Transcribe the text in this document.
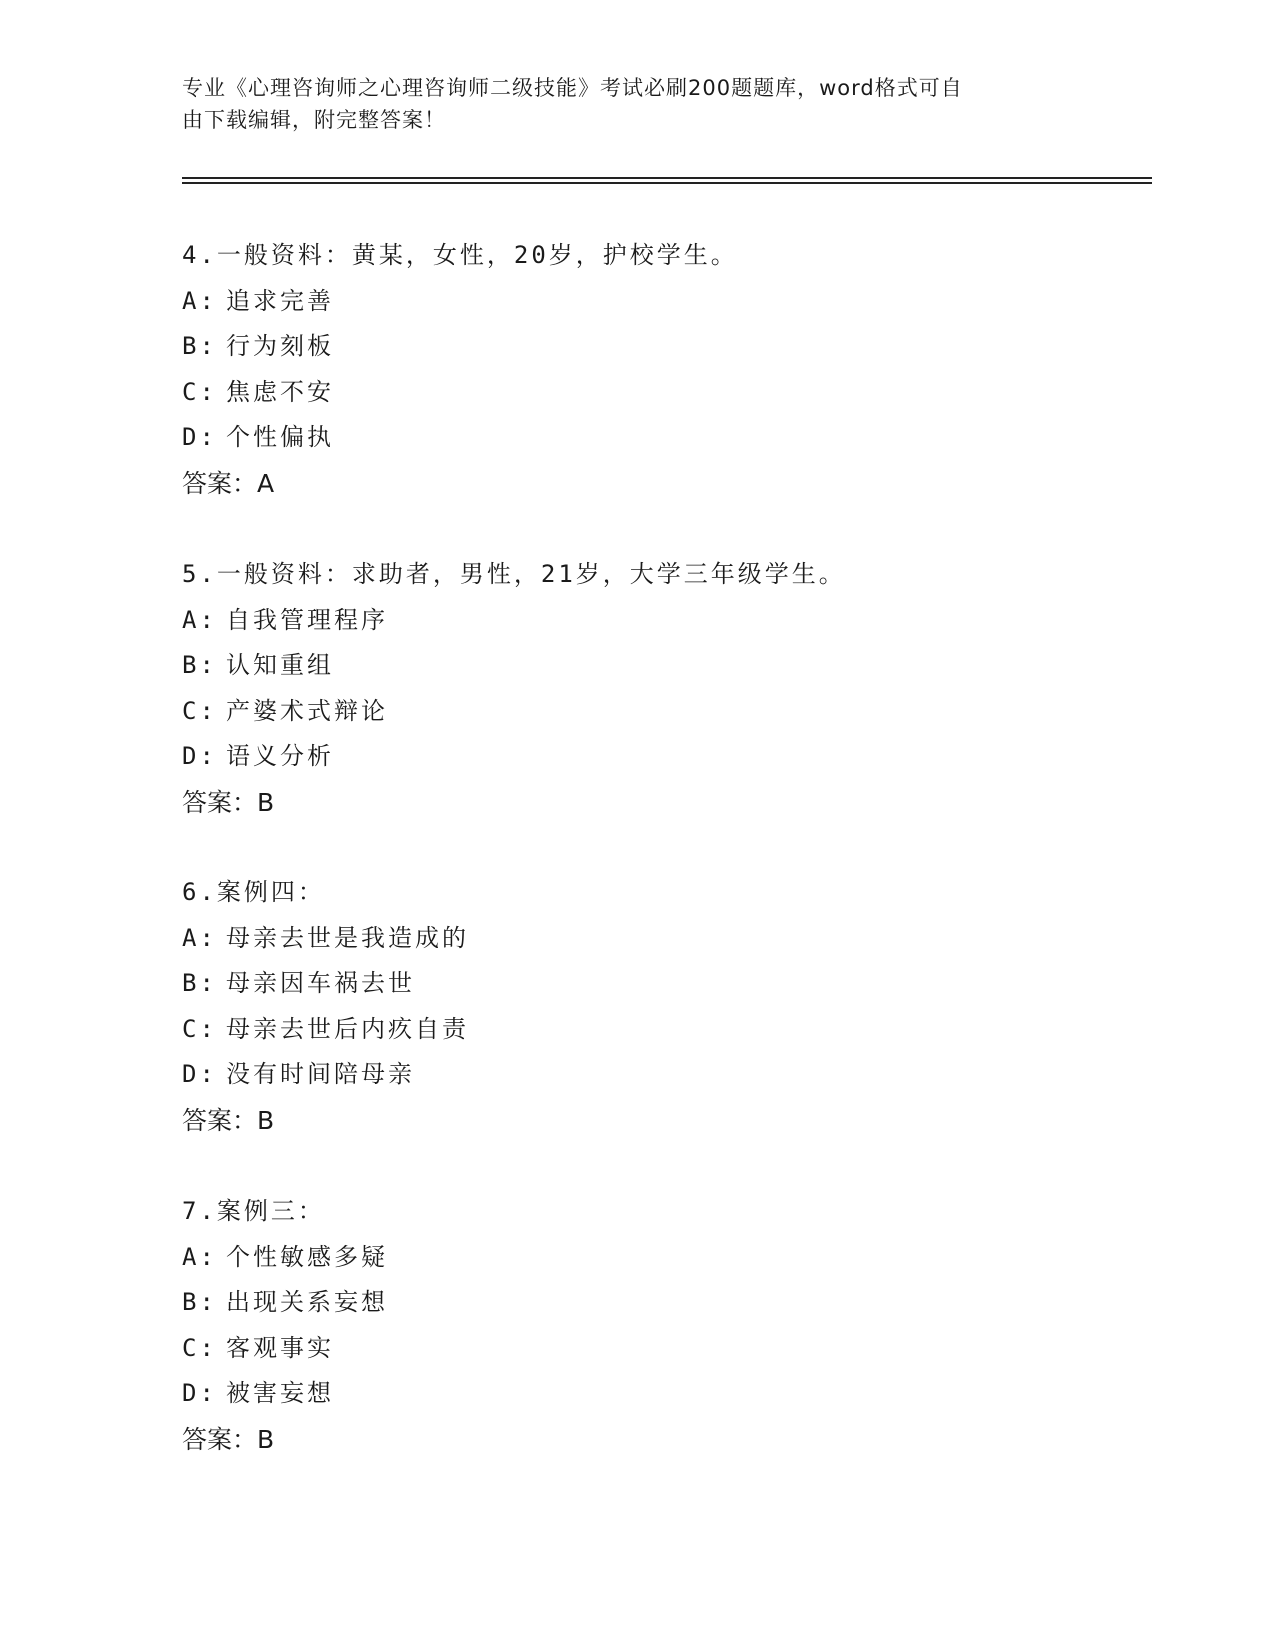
专业《心理咨询师之心理咨询师二级技能》考试必刷200题题库，word格式可自
由下载编辑，附完整答案！
4.一般资料：黄某，女性，20岁，护校学生。
A: 追求完善
B: 行为刻板
C: 焦虑不安
D: 个性偏执
答案：A
5.一般资料：求助者，男性，21岁，大学三年级学生。
A: 自我管理程序
B: 认知重组
C: 产婆术式辩论
D: 语义分析
答案：B
6.案例四：
A: 母亲去世是我造成的
B: 母亲因车祸去世
C: 母亲去世后内疚自责
D: 没有时间陪母亲
答案：B
7.案例三：
A: 个性敏感多疑
B: 出现关系妄想
C: 客观事实
D: 被害妄想
答案：B
